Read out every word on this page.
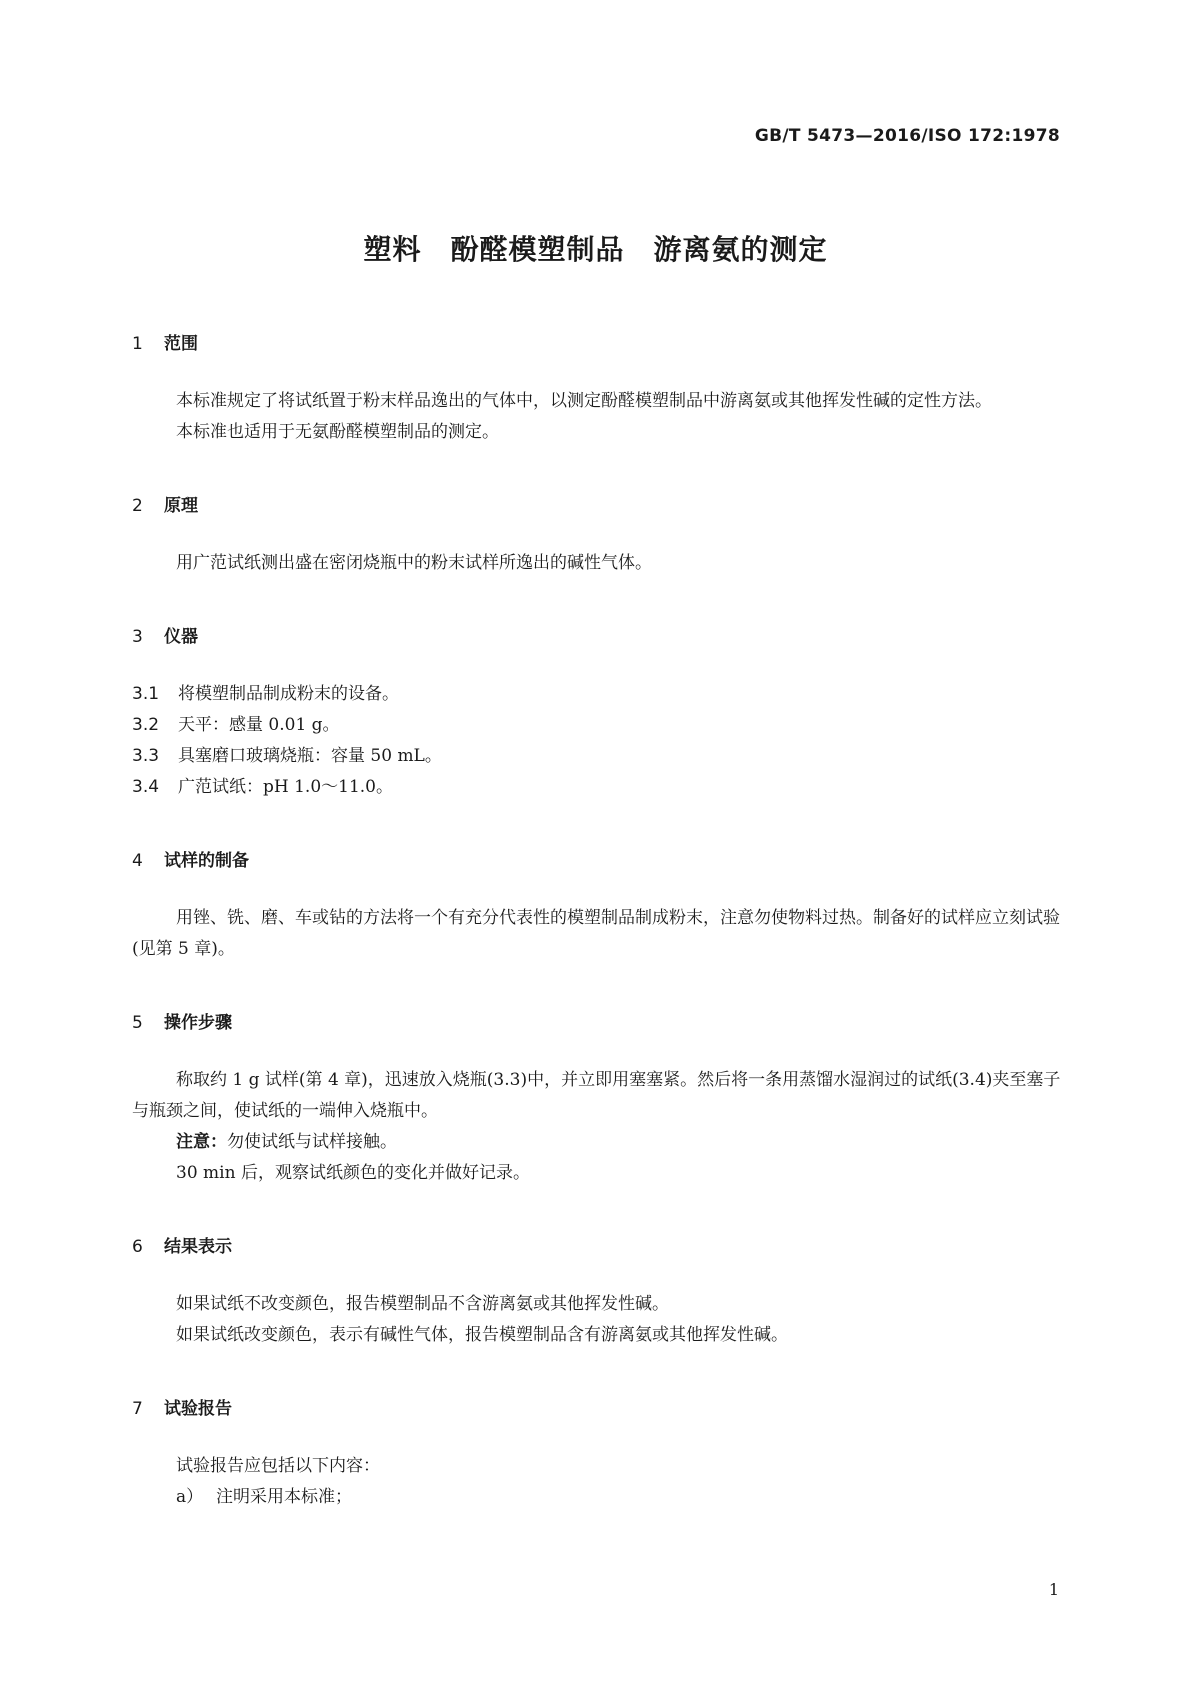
GB/T 5473—2016/ISO 172:1978
塑料　酚醛模塑制品　游离氨的测定
1 范围

本标准规定了将试纸置于粉末样品逸出的气体中，以测定酚醛模塑制品中游离氨或其他挥发性碱的定性方法。

本标准也适用于无氨酚醛模塑制品的测定。

2 原理

用广范试纸测出盛在密闭烧瓶中的粉末试样所逸出的碱性气体。

3 仪器

3.1 将模塑制品制成粉末的设备。

3.2 天平：感量 0.01 g。

3.3 具塞磨口玻璃烧瓶：容量 50 mL。

3.4 广范试纸：pH 1.0～11.0。

4 试样的制备

用锉、铣、磨、车或钻的方法将一个有充分代表性的模塑制品制成粉末，注意勿使物料过热。制备好的试样应立刻试验(见第 5 章)。

5 操作步骤

称取约 1 g 试样(第 4 章)，迅速放入烧瓶(3.3)中，并立即用塞塞紧。然后将一条用蒸馏水湿润过的试纸(3.4)夹至塞子与瓶颈之间，使试纸的一端伸入烧瓶中。

注意：勿使试纸与试样接触。

30 min 后，观察试纸颜色的变化并做好记录。

6 结果表示

如果试纸不改变颜色，报告模塑制品不含游离氨或其他挥发性碱。

如果试纸改变颜色，表示有碱性气体，报告模塑制品含有游离氨或其他挥发性碱。

7 试验报告

试验报告应包括以下内容：

a） 注明采用本标准；

1
